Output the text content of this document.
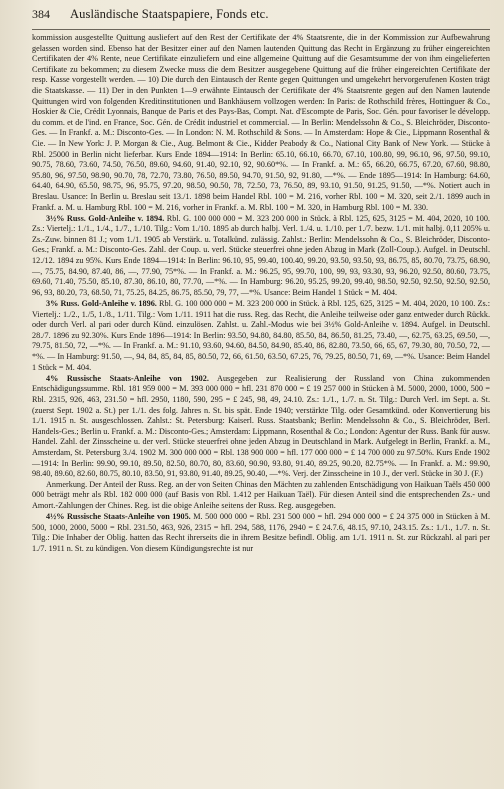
384	Ausländische Staatspapiere, Fonds etc.

kommission ausgestellte Quittung ausliefert auf den Rest der Certifikate der 4% Staatsrente, die in der Kommission zur Aufbewahrung gelassen worden sind. Ebenso hat der Besitzer einer auf den Namen lautenden Quittung das Recht in Ergänzung zu früher eingereichten Certifikaten der 4% Rente, neue Certifikate einzuliefern und eine allgemeine Quittung auf die Gesamtsumme der von ihm eingelieferten Certifikate zu bekommen; zu diesem Zwecke muss die dem Besitzer ausgegebene Quittung auf die früher eingereichten Certifikate der resp. Kasse vorgestellt werden. — 10) Die durch den Eintausch der Rente gegen Quittungen und umgekehrt hervorgerufenen Kosten trägt die Staatskasse. — 11) Der in den Punkten 1—9 erwähnte Eintausch der Certifikate der 4% Staatsrente gegen auf den Namen lautende Quittungen wird von folgenden Kreditinstitutionen und Bankhäusern vollzogen werden: In Paris: de Rothschild frères, Hottinguer & Co., Hoskier & Cie, Crédit Lyonnais, Banque de Paris et des Pays-Bas, Compt. Nat. d'Escompte de Paris, Soc. Gén. pour favoriser le développ. du comm. et de l'ind. en France, Soc. Gén. de Crédit industriel et commercial. — In Berlin: Mendelssohn & Co., S. Bleichröder, Disconto-Ges. — In Frankf. a. M.: Disconto-Ges. — In London: N. M. Rothschild & Sons. — In Amsterdam: Hope & Cie., Lippmann Rosenthal & Cie. — In New York: J. P. Morgan & Cie., Aug. Belmont & Cie., Kidder Peabody & Co., National City Bank of New York. — Stücke à Rbl. 25000 in Berlin nicht lieferbar. Kurs Ende 1894—1914: In Berlin: 65.10, 66.10, 66.70, 67.10, 100.80, 99, 96.10, 96, 97.50, 99.10, 90.75, 78.60, 73.60, 74.50, 76.50, 89.60, 94.60, 91.40, 92.10, 92, 90.60*%. — In Frankf. a. M.: 65, 66.20, 66.75, 67.20, 67.60, 98.80, 95.80, 96, 97.50, 98.90, 90.70, 78, 72.70, 73.80, 76.50, 89.50, 94.70, 91.50, 92, 91.80, —*%. — Ende 1895—1914: In Hamburg: 64.60, 64.40, 64.90, 65.50, 98.75, 96, 95.75, 97.20, 98.50, 90.50, 78, 72.50, 73, 76.50, 89, 93.10, 91.50, 91.25, 91.50, —*%. Notiert auch in Breslau. Usance: In Berlin u. Breslau seit 13./1. 1898 beim Handel Rbl. 100 = M. 216, vorher Rbl. 100 = M. 320, seit 2./1. 1899 auch in Frankf. a. M. u. Hamburg Rbl. 100 = M. 216, vorher in Frankf. a. M. Rbl. 100 = M. 320, in Hamburg Rbl. 100 = M. 330.

3½% Russ. Gold-Anleihe v. 1894. Rbl. G. 100 000 000 = M. 323 200 000 in Stück. à Rbl. 125, 625, 3125 = M. 404, 2020, 10 100. Zs.: Viertelj.: 1./1., 1./4., 1./7., 1./10. Tilg.: Vom 1./10. 1895 ab durch halbj. Verl. 1./4. u. 1./10. per 1./7. bezw. 1./1. mit halbj. 0,11 205% u. Zs.-Zuw. binnen 81 J.; vom 1./1. 1905 ab Verstärk. u. Totalkünd. zulässig. Zahlst.: Berlin: Mendelssohn & Co., S. Bleichröder, Disconto-Ges.; Frankf. a. M.: Disconto-Ges. Zahl. der Coup. u. verl. Stücke steuerfrei ohne jeden Abzug in Mark (Zoll-Coup.). Aufgel. in Deutschl. 12./12. 1894 zu 95%. Kurs Ende 1894—1914: In Berlin: 96.10, 95, 99.40, 100.40, 99.20, 93.50, 93.50, 93, 86.75, 85, 80.70, 73.75, 68.90, —, 75.75, 84.90, 87.40, 86, —, 77.90, 75*%. — In Frankf. a. M.: 96.25, 95, 99.70, 100, 99, 93, 93.30, 93, 96.20, 92.50, 80.60, 73.75, 69.60, 71.40, 75.50, 85.10, 87.30, 86.10, 80, 77.70, —*%. — In Hamburg: 96.20, 95.25, 99.20, 99.40, 98.50, 92.50, 92.50, 92.50, 92.50, 96, 93, 80.20, 73, 68.50, 71, 75.25, 84.25, 86.75, 85.50, 79, 77, —*%. Usance: Beim Handel 1 Stück = M. 404.

3% Russ. Gold-Anleihe v. 1896. Rbl. G. 100 000 000 = M. 323 200 000 in Stück. à Rbl. 125, 625, 3125 = M. 404, 2020, 10 100. Zs.: Viertelj.: 1./2., 1./5, 1./8., 1./11. Tilg.: Vom 1./11. 1911 hat die russ. Reg. das Recht, die Anleihe teilweise oder ganz entweder durch Rückk. oder durch Verl. al pari oder durch Künd. einzulösen. Zahlst. u. Zahl.-Modus wie bei 3½% Gold-Anleihe v. 1894. Aufgel. in Deutschl. 28./7. 1896 zu 92.30%. Kurs Ende 1896—1914: In Berlin: 93.50, 94.80, 84.80, 85.50, 84, 86.50, 81.25, 73.40, —, 62.75, 63.25, 69.50, —, 79.75, 81.50, 72, —*%. — In Frankf. a. M.: 91.10, 93.60, 94.60, 84.50, 84.90, 85.40, 86, 82.80, 73.50, 66, 65, 67, 79.30, 80, 70.50, 72, —*%. — In Hamburg: 91.50, —, 94, 84, 85, 84, 85, 80.50, 72, 66, 61.50, 63.50, 67.25, 76, 79.25, 80.50, 71, 69, —*%. Usance: Beim Handel 1 Stück = M. 404.

4% Russische Staats-Anleihe von 1902. Ausgegeben zur Realisierung der Russland von China zukommenden Entschädigungssumme. Rbl. 181 959 000 = M. 393 000 000 = hfl. 231 870 000 = £ 19 257 000 in Stücken à M. 5000, 2000, 1000, 500 = Rbl. 2315, 926, 463, 231.50 = hfl. 2950, 1180, 590, 295 = £ 245, 98, 49, 24.10. Zs.: 1./1., 1./7. n. St. Tilg.: Durch Verl. im Sept. a. St. (zuerst Sept. 1902 a. St.) per 1./1. des folg. Jahres n. St. bis spät. Ende 1940; verstärkte Tilg. oder Gesamtkünd. oder Konvertierung bis 1./1. 1915 n. St. ausgeschlossen. Zahlst.: St. Petersburg: Kaiserl. Russ. Staatsbank; Berlin: Mendelssohn & Co., S. Bleichröder, Berl. Handels-Ges.; Berlin u. Frankf. a. M.: Disconto-Ges.; Amsterdam: Lippmann, Rosenthal & Co.; London: Agentur der Russ. Bank für ausw. Handel. Zahl. der Zinsscheine u. der verl. Stücke steuerfrei ohne jeden Abzug in Deutschland in Mark. Aufgelegt in Berlin, Frankf. a. M., Amsterdam, St. Petersburg 3./4. 1902 M. 300 000 000 = Rbl. 138 900 000 = hfl. 177 000 000 = £ 14 700 000 zu 97.50%. Kurs Ende 1902—1914: In Berlin: 99.90, 99.10, 89.50, 82.50, 80.70, 80, 83.60, 90.90, 93.80, 91.40, 89.25, 90.20, 82.75*%. — In Frankf. a. M.: 99.90, 98.40, 89.60, 82.60, 80.75, 80.10, 83.50, 91, 93.80, 91.40, 89.25, 90.40, —*%. Verj. der Zinsscheine in 10 J., der verl. Stücke in 30 J. (F.)

Anmerkung. Der Anteil der Russ. Reg. an der von Seiten Chinas den Mächten zu zahlenden Entschädigung von Haikuan Taëls 450 000 000 beträgt mehr als Rbl. 182 000 000 (auf Basis von Rbl. 1.412 per Haikuan Taël). Für diesen Anteil sind die entsprechenden Zs.- und Amort.-Zahlungen der Chines. Reg. ist die obige Anleihe seitens der Russ. Reg. ausgegeben.

4½% Russische Staats-Anleihe von 1905. M. 500 000 000 = Rbl. 231 500 000 = hfl. 294 000 000 = £ 24 375 000 in Stücken à M. 500, 1000, 2000, 5000 = Rbl. 231.50, 463, 926, 2315 = hfl. 294, 588, 1176, 2940 = £ 24.7.6, 48.15, 97.10, 243.15. Zs.: 1./1., 1./7. n. St. Tilg.: Die Inhaber der Oblig. hatten das Recht ihrerseits die in ihrem Besitze befindl. Oblig. am 1./1. 1911 n. St. zur Rückzahl. al pari per 1./7. 1911 n. St. zu kündigen. Von diesem Kündigungsrechte ist nur
